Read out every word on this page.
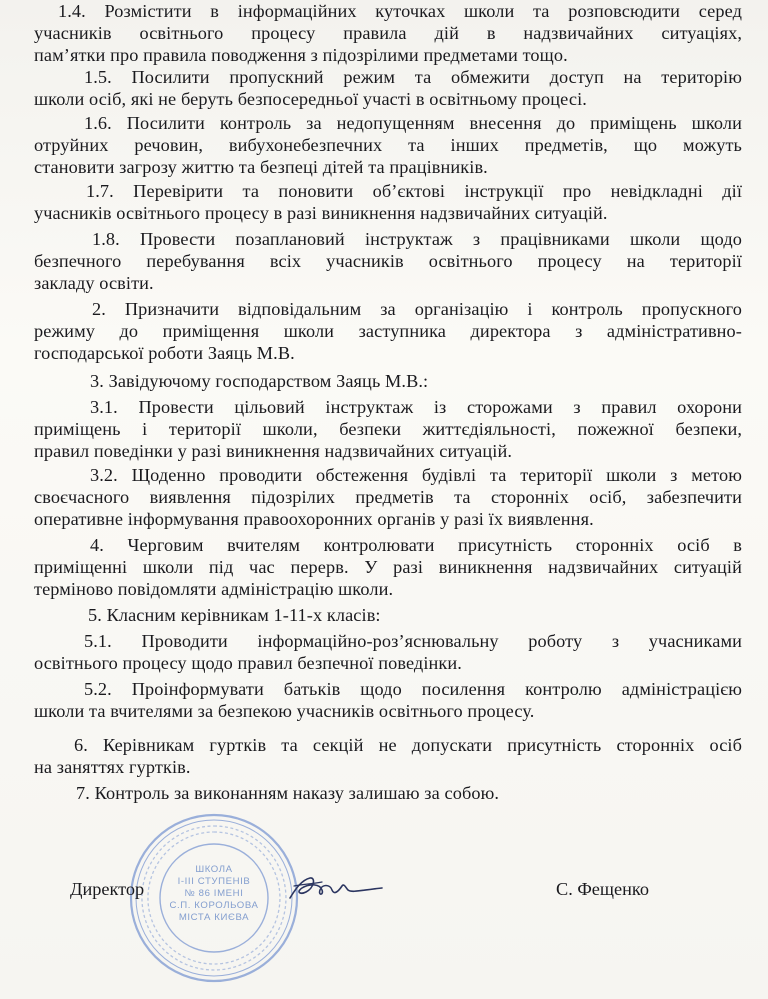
1.4. Розмістити в інформаційних куточках школи та розповсюдити серед
учасників освітнього процесу правила дій в надзвичайних ситуаціях,
пам’ятки про правила поводження з підозрілими предметами тощо.
1.5. Посилити пропускний режим та обмежити доступ на територію
школи осіб, які не беруть безпосередньої участі в освітньому процесі.
1.6. Посилити контроль за недопущенням внесення до приміщень школи
отруйних речовин, вибухонебезпечних та інших предметів, що можуть
становити загрозу життю та безпеці дітей та працівників.
1.7. Перевірити та поновити об’єктові інструкції про невідкладні дії
учасників освітнього процесу в разі виникнення надзвичайних ситуацій.
1.8. Провести позаплановий інструктаж з працівниками школи щодо
безпечного перебування всіх учасників освітнього процесу на території
закладу освіти.
2. Призначити відповідальним за організацію і контроль пропускного
режиму до приміщення школи заступника директора з адміністративно-
господарської роботи Заяць М.В.
3. Завідуючому господарством Заяць М.В.:
3.1. Провести цільовий інструктаж із сторожами з правил охорони
приміщень і території школи, безпеки життєдіяльності, пожежної безпеки,
правил поведінки у разі виникнення надзвичайних ситуацій.
3.2. Щоденно проводити обстеження будівлі та території школи з метою
своєчасного виявлення підозрілих предметів та сторонніх осіб, забезпечити
оперативне інформування правоохоронних органів у разі їх виявлення.
4. Черговим вчителям контролювати присутність сторонніх осіб в
приміщенні школи під час перерв. У разі виникнення надзвичайних ситуацій
терміново повідомляти адміністрацію школи.
5. Класним керівникам 1-11-х класів:
5.1. Проводити інформаційно-роз’яснювальну роботу з учасниками
освітнього процесу щодо правил безпечної поведінки.
5.2. Проінформувати батьків щодо посилення контролю адміністрацією
школи та вчителями за безпекою учасників освітнього процесу.
6. Керівникам гуртків та секцій не допускати присутність сторонніх осіб
на заняттях гуртків.
7. Контроль за виконанням наказу залишаю за собою.
ШКОЛА
І-ІІІ СТУПЕНІВ
№ 86 ІМЕНІ
С.П. КОРОЛЬОВА
МІСТА КИЄВА
Директор	С. Фещенко
